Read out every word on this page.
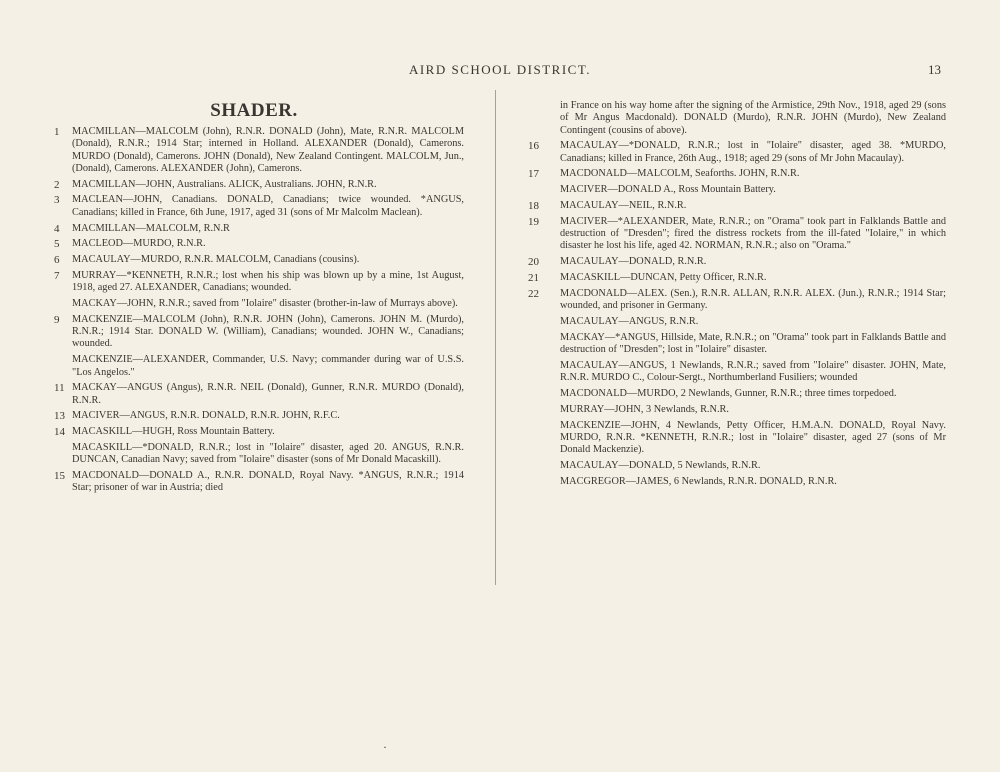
AIRD SCHOOL DISTRICT.	13
SHADER.
1	MACMILLAN—MALCOLM (John), R.N.R. DONALD (John), Mate, R.N.R. MALCOLM (Donald), R.N.R.; 1914 Star; interned in Holland. ALEXANDER (Donald), Camerons. MURDO (Donald), Camerons. JOHN (Donald), New Zealand Contingent. MALCOLM, Jun., (Donald), Camerons. ALEXANDER (John), Camerons.
2	MACMILLAN—JOHN, Australians. ALICK, Australians. JOHN, R.N.R.
3	MACLEAN—JOHN, Canadians. DONALD, Canadians; twice wounded. *ANGUS, Canadians; killed in France, 6th June, 1917, aged 31 (sons of Mr Malcolm Maclean).
4	MACMILLAN—MALCOLM, R.N.R
5	MACLEOD—MURDO, R.N.R.
6	MACAULAY—MURDO, R.N.R. MALCOLM, Canadians (cousins).
7	MURRAY—*KENNETH, R.N.R.; lost when his ship was blown up by a mine, 1st August, 1918, aged 27. ALEXANDER, Canadians; wounded.
MACKAY—JOHN, R.N.R.; saved from "Iolaire" disaster (brother-in-law of Murrays above).
9	MACKENZIE—MALCOLM (John), R.N.R. JOHN (John), Camerons. JOHN M. (Murdo), R.N.R.; 1914 Star. DONALD W. (William), Canadians; wounded. JOHN W., Canadians; wounded.
MACKENZIE—ALEXANDER, Commander, U.S. Navy; commander during war of U.S.S. "Los Angelos."
11 MACKAY—ANGUS (Angus), R.N.R. NEIL (Donald), Gunner, R.N.R. MURDO (Donald), R.N.R.
13 MACIVER—ANGUS, R.N.R. DONALD, R.N.R. JOHN, R.F.C.
14 MACASKILL—HUGH, Ross Mountain Battery.
MACASKILL—*DONALD, R.N.R.; lost in "Iolaire" disaster, aged 20. ANGUS, R.N.R. DUNCAN, Canadian Navy; saved from "Iolaire" disaster (sons of Mr Donald Macaskill).
15 MACDONALD—DONALD A., R.N.R. DONALD, Royal Navy. *ANGUS, R.N.R.; 1914 Star; prisoner of war in Austria; died
in France on his way home after the signing of the Armistice, 29th Nov., 1918, aged 29 (sons of Mr Angus Macdonald). DONALD (Murdo), R.N.R. JOHN (Murdo), New Zealand Contingent (cousins of above).
16	MACAULAY—*DONALD, R.N.R.; lost in "Iolaire" disaster, aged 38. *MURDO, Canadians; killed in France, 26th Aug., 1918; aged 29 (sons of Mr John Macaulay).
17	MACDONALD—MALCOLM, Seaforths. JOHN, R.N.R.
MACIVER—DONALD A., Ross Mountain Battery.
18	MACAULAY—NEIL, R.N.R.
19	MACIVER—*ALEXANDER, Mate, R.N.R.; on "Orama" took part in Falklands Battle and destruction of "Dresden"; fired the distress rockets from the ill-fated "Iolaire," in which disaster he lost his life, aged 42. NORMAN, R.N.R.; also on "Orama."
20	MACAULAY—DONALD, R.N.R.
21	MACASKILL—DUNCAN, Petty Officer, R.N.R.
22	MACDONALD—ALEX. (Sen.), R.N.R. ALLAN, R.N.R. ALEX. (Jun.), R.N.R.; 1914 Star; wounded, and prisoner in Germany.
MACAULAY—ANGUS, R.N.R.
MACKAY—*ANGUS, Hillside, Mate, R.N.R.; on "Orama" took part in Falklands Battle and destruction of "Dresden"; lost in "Iolaire" disaster.
MACAULAY—ANGUS, 1 Newlands, R.N.R.; saved from "Iolaire" disaster. JOHN, Mate, R.N.R. MURDO C., Colour-Sergt., Northumberland Fusiliers; wounded
MACDONALD—MURDO, 2 Newlands, Gunner, R.N.R.; three times torpedoed.
MURRAY—JOHN, 3 Newlands, R.N.R.
MACKENZIE—JOHN, 4 Newlands, Petty Officer, H.M.A.N. DONALD, Royal Navy. MURDO, R.N.R. *KENNETH, R.N.R.; lost in "Iolaire" disaster, aged 27 (sons of Mr Donald Mackenzie).
MACAULAY—DONALD, 5 Newlands, R.N.R.
MACGREGOR—JAMES, 6 Newlands, R.N.R. DONALD, R.N.R.
·
